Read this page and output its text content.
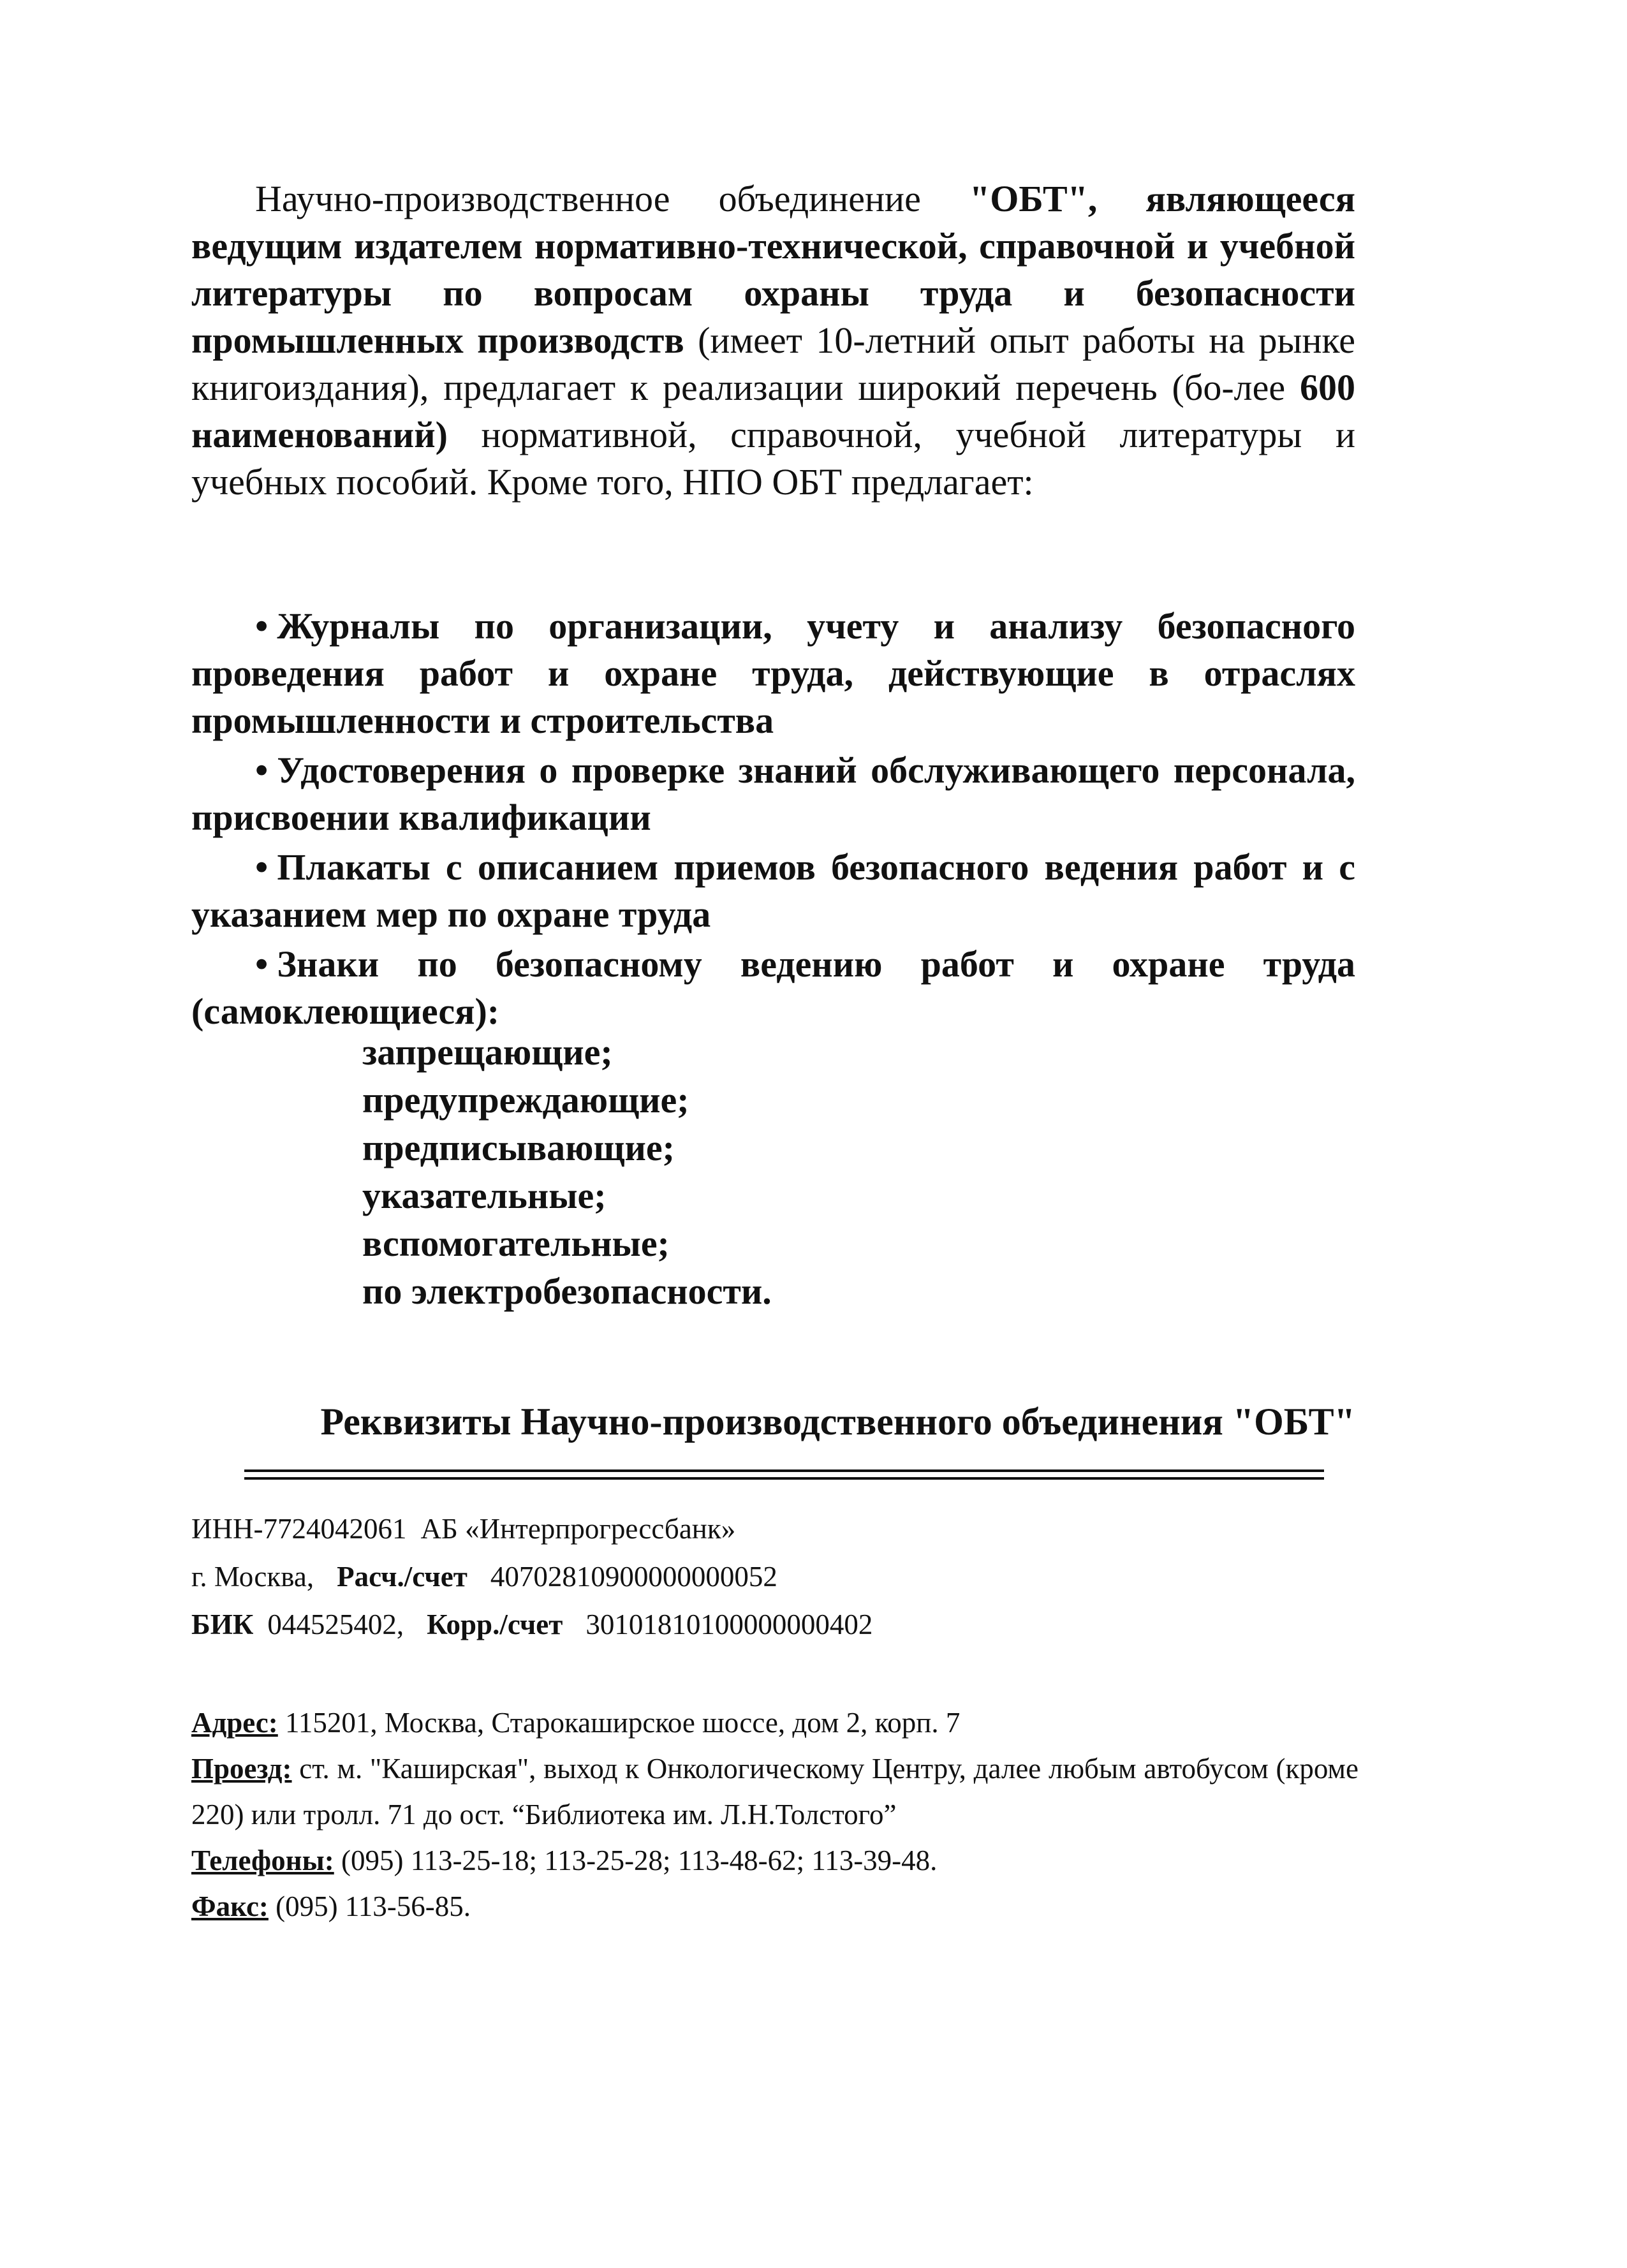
Научно-производственное объединение "ОБТ", являющееся ведущим издателем нормативно-технической, справочной и учебной литературы по вопросам охраны труда и безопасности промышленных производств (имеет 10-летний опыт работы на рынке книгоиздания), предлагает к реализации широкий перечень (бо-лее 600 наименований) нормативной, справочной, учебной литературы и учебных пособий. Кроме того, НПО ОБТ предлагает:

• Журналы по организации, учету и анализу безопасного проведения работ и охране труда, действующие в отраслях промышленности и строительства
• Удостоверения о проверке знаний обслуживающего персонала, присвоении квалификации
• Плакаты с описанием приемов безопасного ведения работ и с указанием мер по охране труда
• Знаки по безопасному ведению работ и охране труда (самоклеющиеся):
запрещающие;
предупреждающие;
предписывающие;
указательные;
вспомогательные;
по электробезопасности.
Реквизиты Научно-производственного объединения "ОБТ"
ИНН-7724042061 АБ «Интерпрогрессбанк»
г. Москва, Расч./счет 40702810900000000052
БИК 044525402, Корр./счет 30101810100000000402
Адрес: 115201, Москва, Старокаширское шоссе, дом 2, корп. 7
Проезд: ст. м. "Каширская", выход к Онкологическому Центру, далее любым автобусом (кроме 220) или тролл. 71 до ост. “Библиотека им. Л.Н.Толстого”
Телефоны: (095) 113-25-18; 113-25-28; 113-48-62; 113-39-48.
Факс: (095) 113-56-85.
